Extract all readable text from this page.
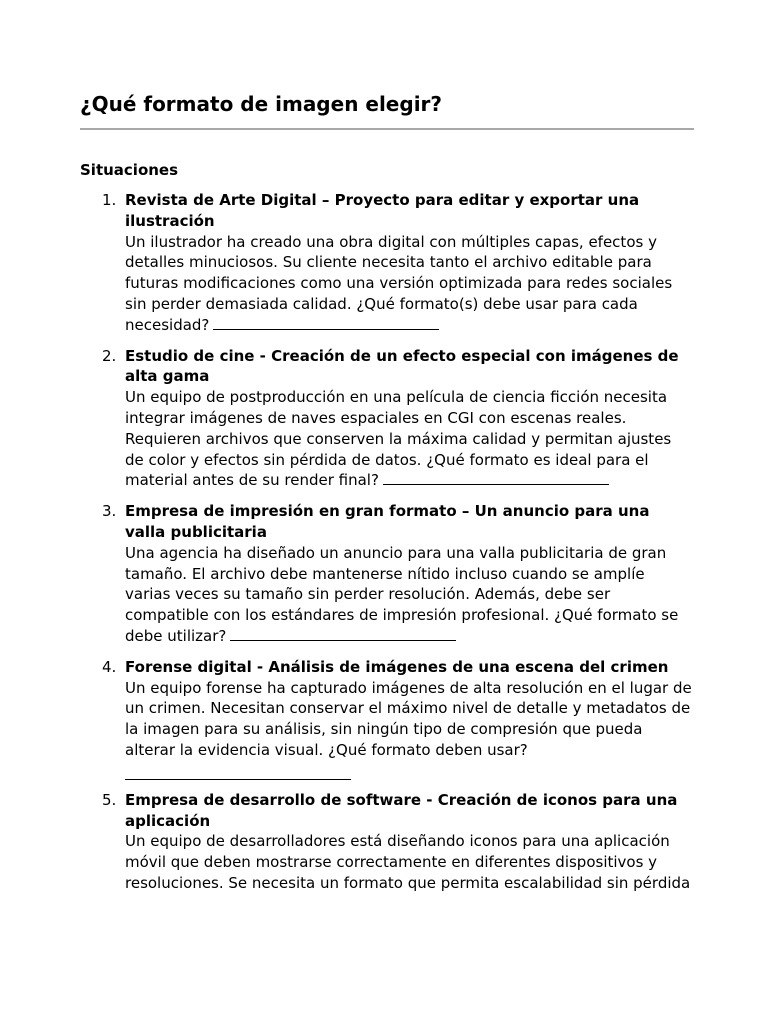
¿Qué formato de imagen elegir?
Situaciones
1. Revista de Arte Digital – Proyecto para editar y exportar una ilustración
Un ilustrador ha creado una obra digital con múltiples capas, efectos y detalles minuciosos. Su cliente necesita tanto el archivo editable para futuras modificaciones como una versión optimizada para redes sociales sin perder demasiada calidad. ¿Qué formato(s) debe usar para cada necesidad?
2. Estudio de cine - Creación de un efecto especial con imágenes de alta gama
Un equipo de postproducción en una película de ciencia ficción necesita integrar imágenes de naves espaciales en CGI con escenas reales. Requieren archivos que conserven la máxima calidad y permitan ajustes de color y efectos sin pérdida de datos. ¿Qué formato es ideal para el material antes de su render final?
3. Empresa de impresión en gran formato – Un anuncio para una valla publicitaria
Una agencia ha diseñado un anuncio para una valla publicitaria de gran tamaño. El archivo debe mantenerse nítido incluso cuando se amplíe varias veces su tamaño sin perder resolución. Además, debe ser compatible con los estándares de impresión profesional. ¿Qué formato se debe utilizar?
4. Forense digital - Análisis de imágenes de una escena del crimen
Un equipo forense ha capturado imágenes de alta resolución en el lugar de un crimen. Necesitan conservar el máximo nivel de detalle y metadatos de la imagen para su análisis, sin ningún tipo de compresión que pueda alterar la evidencia visual. ¿Qué formato deben usar?
5. Empresa de desarrollo de software - Creación de iconos para una aplicación
Un equipo de desarrolladores está diseñando iconos para una aplicación móvil que deben mostrarse correctamente en diferentes dispositivos y resoluciones. Se necesita un formato que permita escalabilidad sin pérdida
